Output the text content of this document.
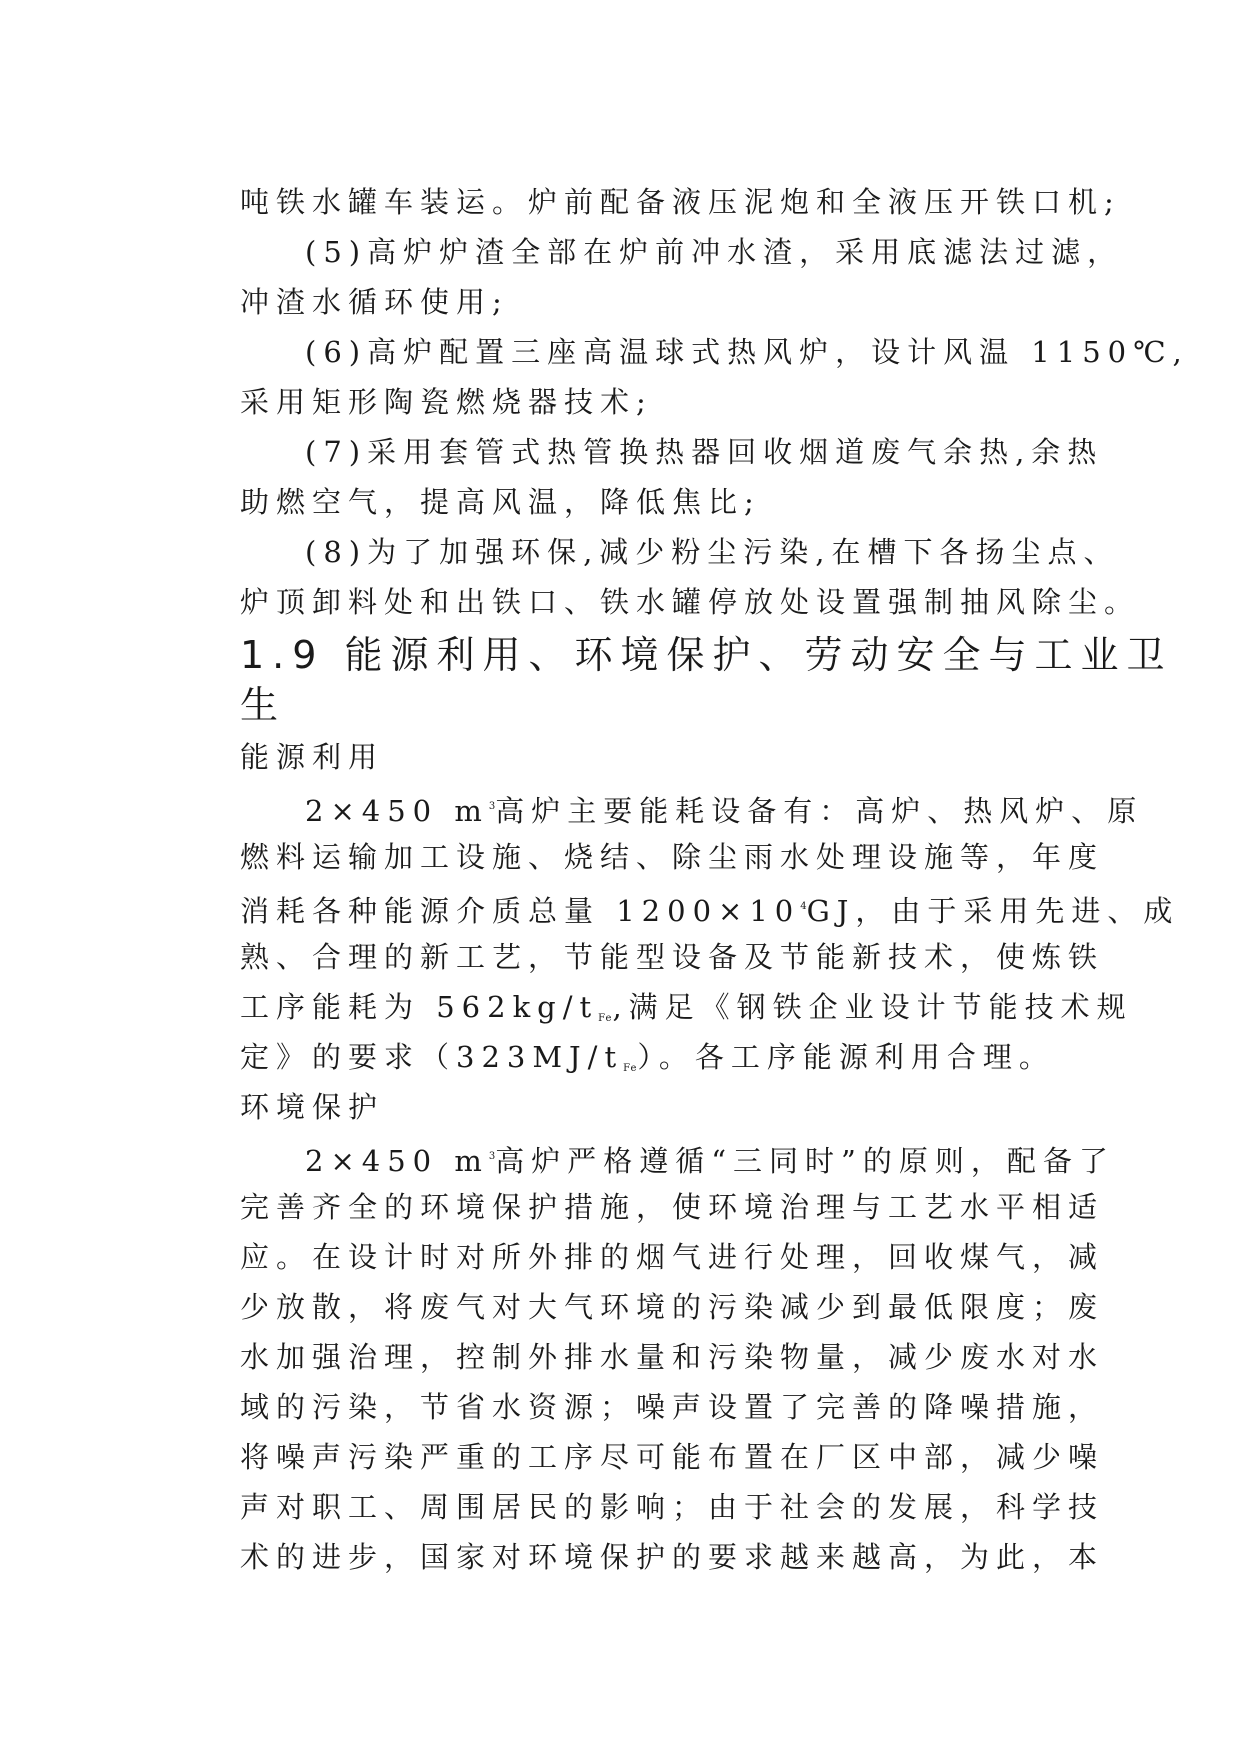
吨铁水罐车装运。炉前配备液压泥炮和全液压开铁口机;
(5)高炉炉渣全部在炉前冲水渣，采用底滤法过滤，
冲渣水循环使用;
(6)高炉配置三座高温球式热风炉，设计风温 1150℃,
采用矩形陶瓷燃烧器技术;
(7)采用套管式热管换热器回收烟道废气余热,余热
助燃空气，提高风温，降低焦比;
(8)为了加强环保,减少粉尘污染,在槽下各扬尘点、
炉顶卸料处和出铁口、铁水罐停放处设置强制抽风除尘。
1.9 能源利用、环境保护、劳动安全与工业卫
生
能源利用
2×450 $m^3$高炉主要能耗设备有：高炉、热风炉、原
燃料运输加工设施、烧结、除尘雨水处理设施等，年度
消耗各种能源介质总量 $1200\times 10^4GJ$，由于采用先进、成
熟、合理的新工艺，节能型设备及节能新技术，使炼铁
工序能耗为 $562kg/t_{Fe}$,满足《钢铁企业设计节能技术规
定》的要求$(323MJ/t_{Fe})$。各工序能源利用合理。
环境保护
2×450 $m^3$高炉严格遵循“三同时”的原则，配备了
完善齐全的环境保护措施，使环境治理与工艺水平相适
应。在设计时对所外排的烟气进行处理，回收煤气，减
少放散，将废气对大气环境的污染减少到最低限度；废
水加强治理，控制外排水量和污染物量，减少废水对水
域的污染，节省水资源；噪声设置了完善的降噪措施，
将噪声污染严重的工序尽可能布置在厂区中部，减少噪
声对职工、周围居民的影响；由于社会的发展，科学技
术的进步，国家对环境保护的要求越来越高，为此，本
